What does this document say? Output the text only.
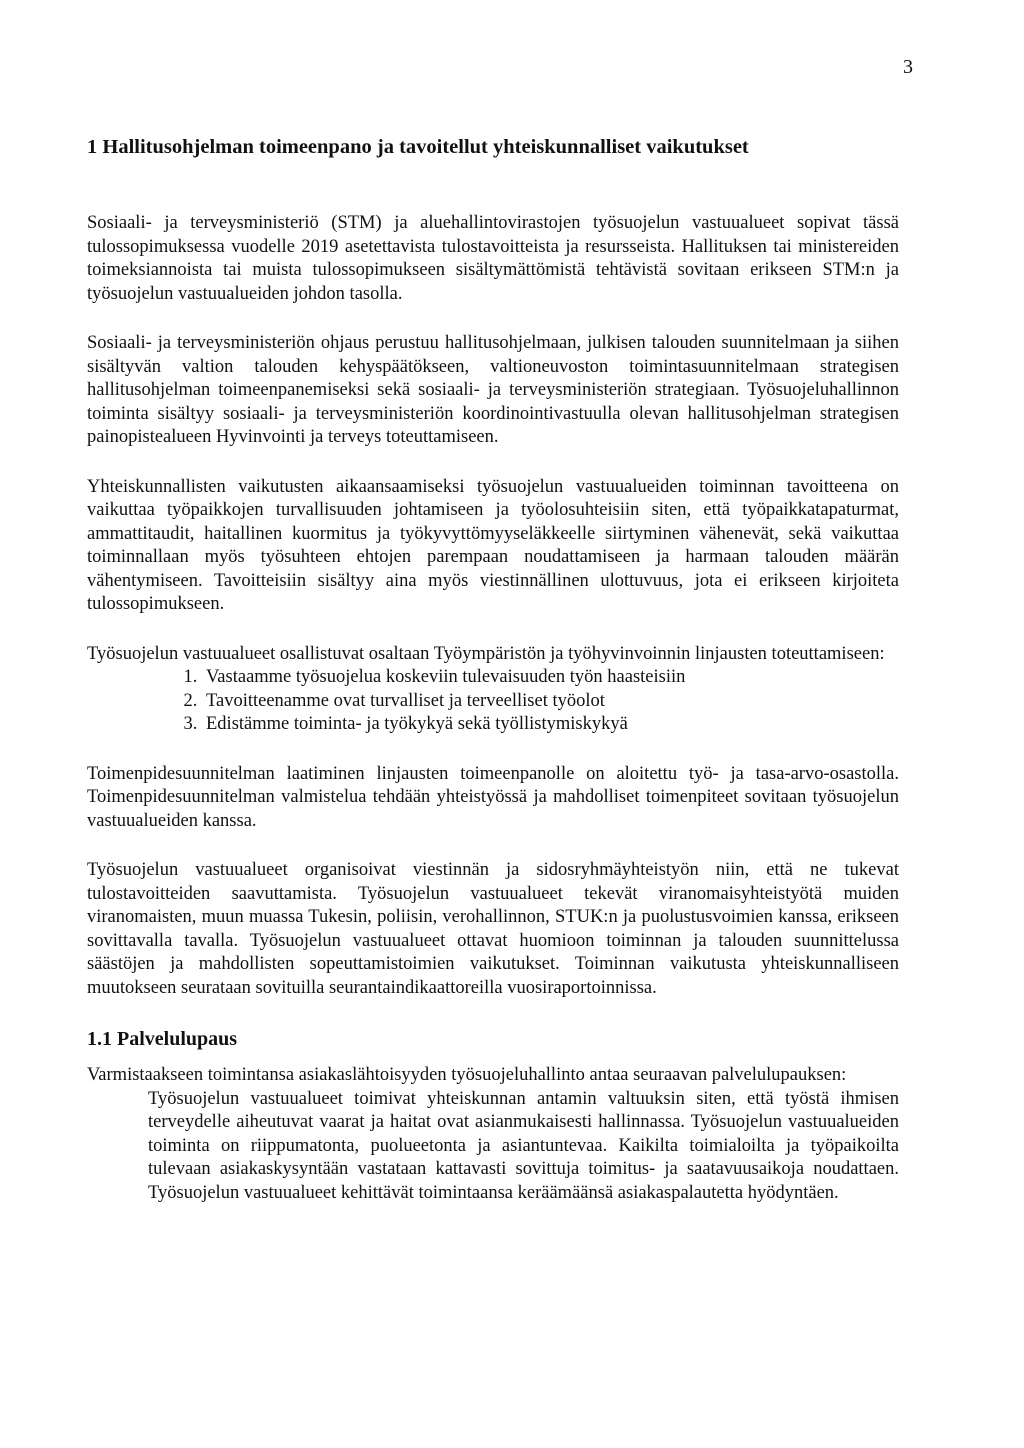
3
1 Hallitusohjelman toimeenpano ja tavoitellut yhteiskunnalliset vaikutukset

Sosiaali- ja terveysministeriö (STM) ja aluehallintovirastojen työsuojelun vastuualueet sopivat tässä tulossopimuksessa vuodelle 2019 asetettavista tulostavoitteista ja resursseista. Hallituksen tai ministereiden toimeksiannoista tai muista tulossopimukseen sisältymättömistä tehtävistä sovitaan erikseen STM:n ja työsuojelun vastuualueiden johdon tasolla.

Sosiaali- ja terveysministeriön ohjaus perustuu hallitusohjelmaan, julkisen talouden suunnitelmaan ja siihen sisältyvän valtion talouden kehyspäätökseen, valtioneuvoston toimintasuunnitelmaan strategisen hallitusohjelman toimeenpanemiseksi sekä sosiaali- ja terveysministeriön strategiaan. Työsuojeluhallinnon toiminta sisältyy sosiaali- ja terveysministeriön koordinointivastuulla olevan hallitusohjelman strategisen painopistealueen Hyvinvointi ja terveys toteuttamiseen.

Yhteiskunnallisten vaikutusten aikaansaamiseksi työsuojelun vastuualueiden toiminnan tavoitteena on vaikuttaa työpaikkojen turvallisuuden johtamiseen ja työolosuhteisiin siten, että työpaikkatapaturmat, ammattitaudit, haitallinen kuormitus ja työkyvyttömyyseläkkeelle siirtyminen vähenevät, sekä vaikuttaa toiminnallaan myös työsuhteen ehtojen parempaan noudattamiseen ja harmaan talouden määrän vähentymiseen. Tavoitteisiin sisältyy aina myös viestinnällinen ulottuvuus, jota ei erikseen kirjoiteta tulossopimukseen.

Työsuojelun vastuualueet osallistuvat osaltaan Työympäristön ja työhyvinvoinnin linjausten toteuttamiseen:

1. Vastaamme työsuojelua koskeviin tulevaisuuden työn haasteisiin
2. Tavoitteenamme ovat turvalliset ja terveelliset työolot
3. Edistämme toiminta- ja työkykyä sekä työllistymiskykyä

Toimenpidesuunnitelman laatiminen linjausten toimeenpanolle on aloitettu työ- ja tasa-arvo-osastolla. Toimenpidesuunnitelman valmistelua tehdään yhteistyössä ja mahdolliset toimenpiteet sovitaan työsuojelun vastuualueiden kanssa.

Työsuojelun vastuualueet organisoivat viestinnän ja sidosryhmäyhteistyön niin, että ne tukevat tulostavoitteiden saavuttamista. Työsuojelun vastuualueet tekevät viranomaisyhteistyötä muiden viranomaisten, muun muassa Tukesin, poliisin, verohallinnon, STUK:n ja puolustusvoimien kanssa, erikseen sovittavalla tavalla. Työsuojelun vastuualueet ottavat huomioon toiminnan ja talouden suunnittelussa säästöjen ja mahdollisten sopeuttamistoimien vaikutukset. Toiminnan vaikutusta yhteiskunnalliseen muutokseen seurataan sovituilla seurantaindikaattoreilla vuosiraportoinnissa.

1.1 Palvelulupaus

Varmistaakseen toimintansa asiakaslähtoisyyden työsuojeluhallinto antaa seuraavan palvelulupauksen:

Työsuojelun vastuualueet toimivat yhteiskunnan antamin valtuuksin siten, että työstä ihmisen terveydelle aiheutuvat vaarat ja haitat ovat asianmukaisesti hallinnassa. Työsuojelun vastuualueiden toiminta on riippumatonta, puolueetonta ja asiantuntevaa. Kaikilta toimialoilta ja työpaikoilta tulevaan asiakaskysyntään vastataan kattavasti sovittuja toimitus- ja saatavuusaikoja noudattaen. Työsuojelun vastuualueet kehittävät toimintaansa keräämäänsä asiakaspalautetta hyödyntäen.
